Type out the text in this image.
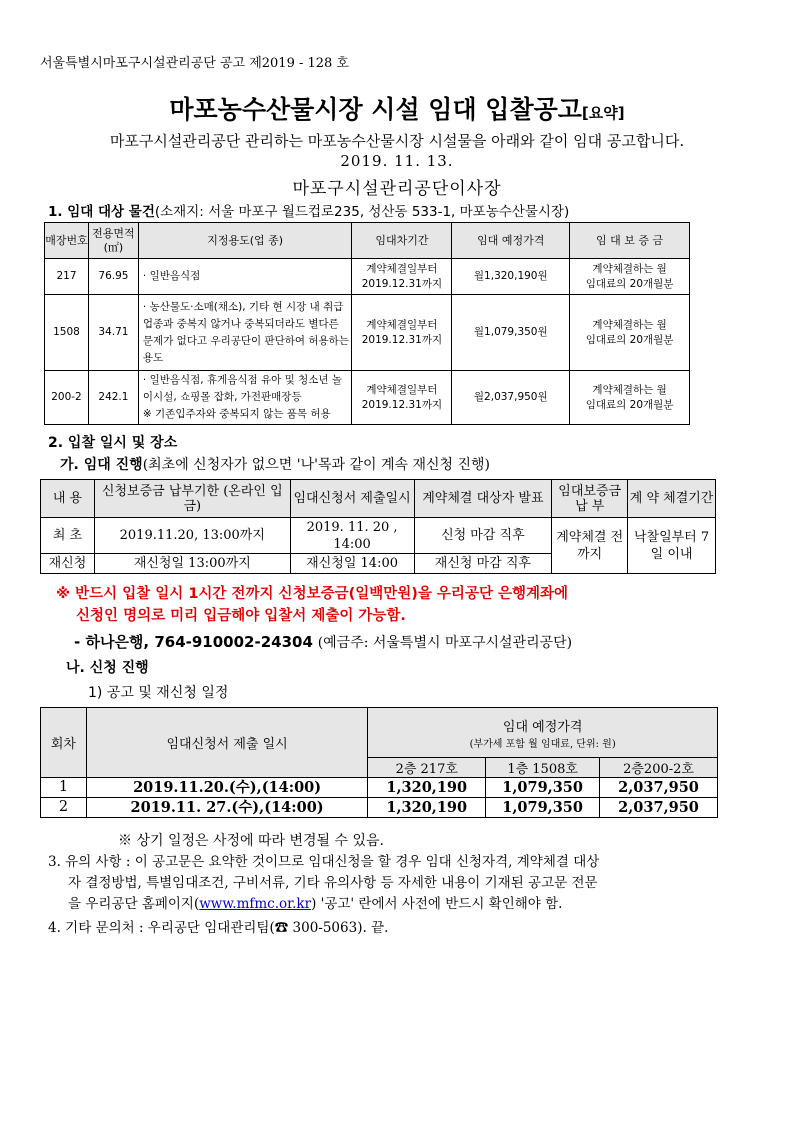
서울특별시마포구시설관리공단 공고 제2019 - 128 호
마포농수산물시장 시설 임대 입찰공고[요약]
마포구시설관리공단 관리하는 마포농수산물시장 시설물을 아래와 같이 임대 공고합니다.
2019. 11. 13.
마포구시설관리공단이사장
1. 임대 대상 물건(소재지: 서울 마포구 월드컵로235, 성산동 533-1, 마포농수산물시장)
매장번호	전용면적(㎡)	지정용도(업 종)	임대차기간	임대 예정가격	임 대 보 증 금
217	76.95	· 일반음식점	계약체결일부터
2019.12.31까지	월1,320,190원	계약체결하는 월
임대료의 20개월분
1508	34.71	· 농산물도·소매(채소), 기타 현 시장 내 취급업종과 중복지 않거나 중복되더라도 별다른 문제가 없다고 우리공단이 판단하여 허용하는 용도	계약체결일부터
2019.12.31까지	월1,079,350원	계약체결하는 월
임대료의 20개월분
200-2	242.1	· 일반음식점, 휴게음식점 유아 및 청소년 놀이시설, 쇼핑몰 잡화, 가전판매장등
※ 기존입주자와 중복되지 않는 품목 허용	계약체결일부터
2019.12.31까지	월2,037,950원	계약체결하는 월
임대료의 20개월분
2. 입찰 일시 및 장소
가. 임대 진행(최초에 신청자가 없으면 '나'목과 같이 계속 재신청 진행)
내 용	신청보증금 납부기한 (온라인 입금)	임대신청서 제출일시	계약체결 대상자 발표	임대보증금 납 부	계 약 체결기간
최 초	2019.11.20, 13:00까지	2019. 11. 20 , 14:00	신청 마감 직후	계약체결 전까지	낙찰일부터 7일 이내
재신청	재신청일 13:00까지	재신청일 14:00	재신청 마감 직후		
※ 반드시 입찰 일시 1시간 전까지 신청보증금(일백만원)을 우리공단 은행계좌에
신청인 명의로 미리 입금해야 입찰서 제출이 가능함.
- 하나은행, 764-910002-24304 (예금주: 서울특별시 마포구시설관리공단)
나. 신청 진행
1) 공고 및 재신청 일정
회차	임대신청서 제출 일시	임대 예정가격
(부가세 포함 월 임대료, 단위: 원)		

		2층 217호	1층 1508호	2층200-2호
1	2019.11.20.(수),(14:00)	1,320,190	1,079,350	2,037,950
2	2019.11. 27.(수),(14:00)	1,320,190	1,079,350	2,037,950
※ 상기 일정은 사정에 따라 변경될 수 있음.
3. 유의 사항 : 이 공고문은 요약한 것이므로 임대신청을 할 경우 임대 신청자격, 계약체결 대상
자 결정방법, 특별임대조건, 구비서류, 기타 유의사항 등 자세한 내용이 기재된 공고문 전문
을 우리공단 홈페이지(www.mfmc.or.kr) '공고' 란에서 사전에 반드시 확인해야 함.
4. 기타 문의처 : 우리공단 임대관리팀(☎ 300-5063). 끝.
